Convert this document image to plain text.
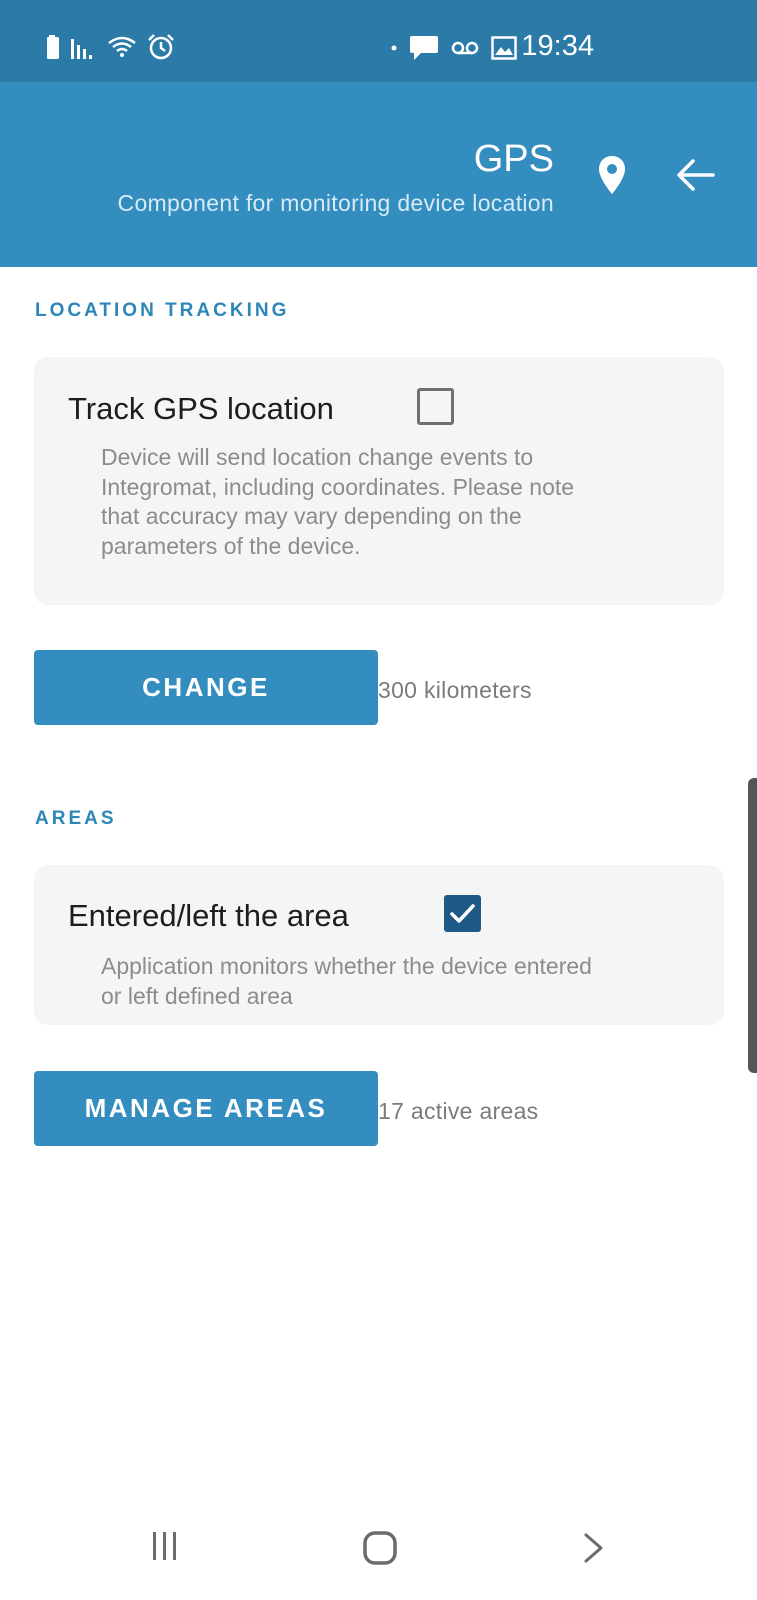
19:34
GPS
Component for monitoring device location
LOCATION TRACKING
Track GPS location
Device will send location change events to Integromat, including coordinates. Please note that accuracy may vary depending on the parameters of the device.
CHANGE	300 kilometers
AREAS
Entered/left the area
Application monitors whether the device entered or left defined area
MANAGE AREAS	17 active areas
